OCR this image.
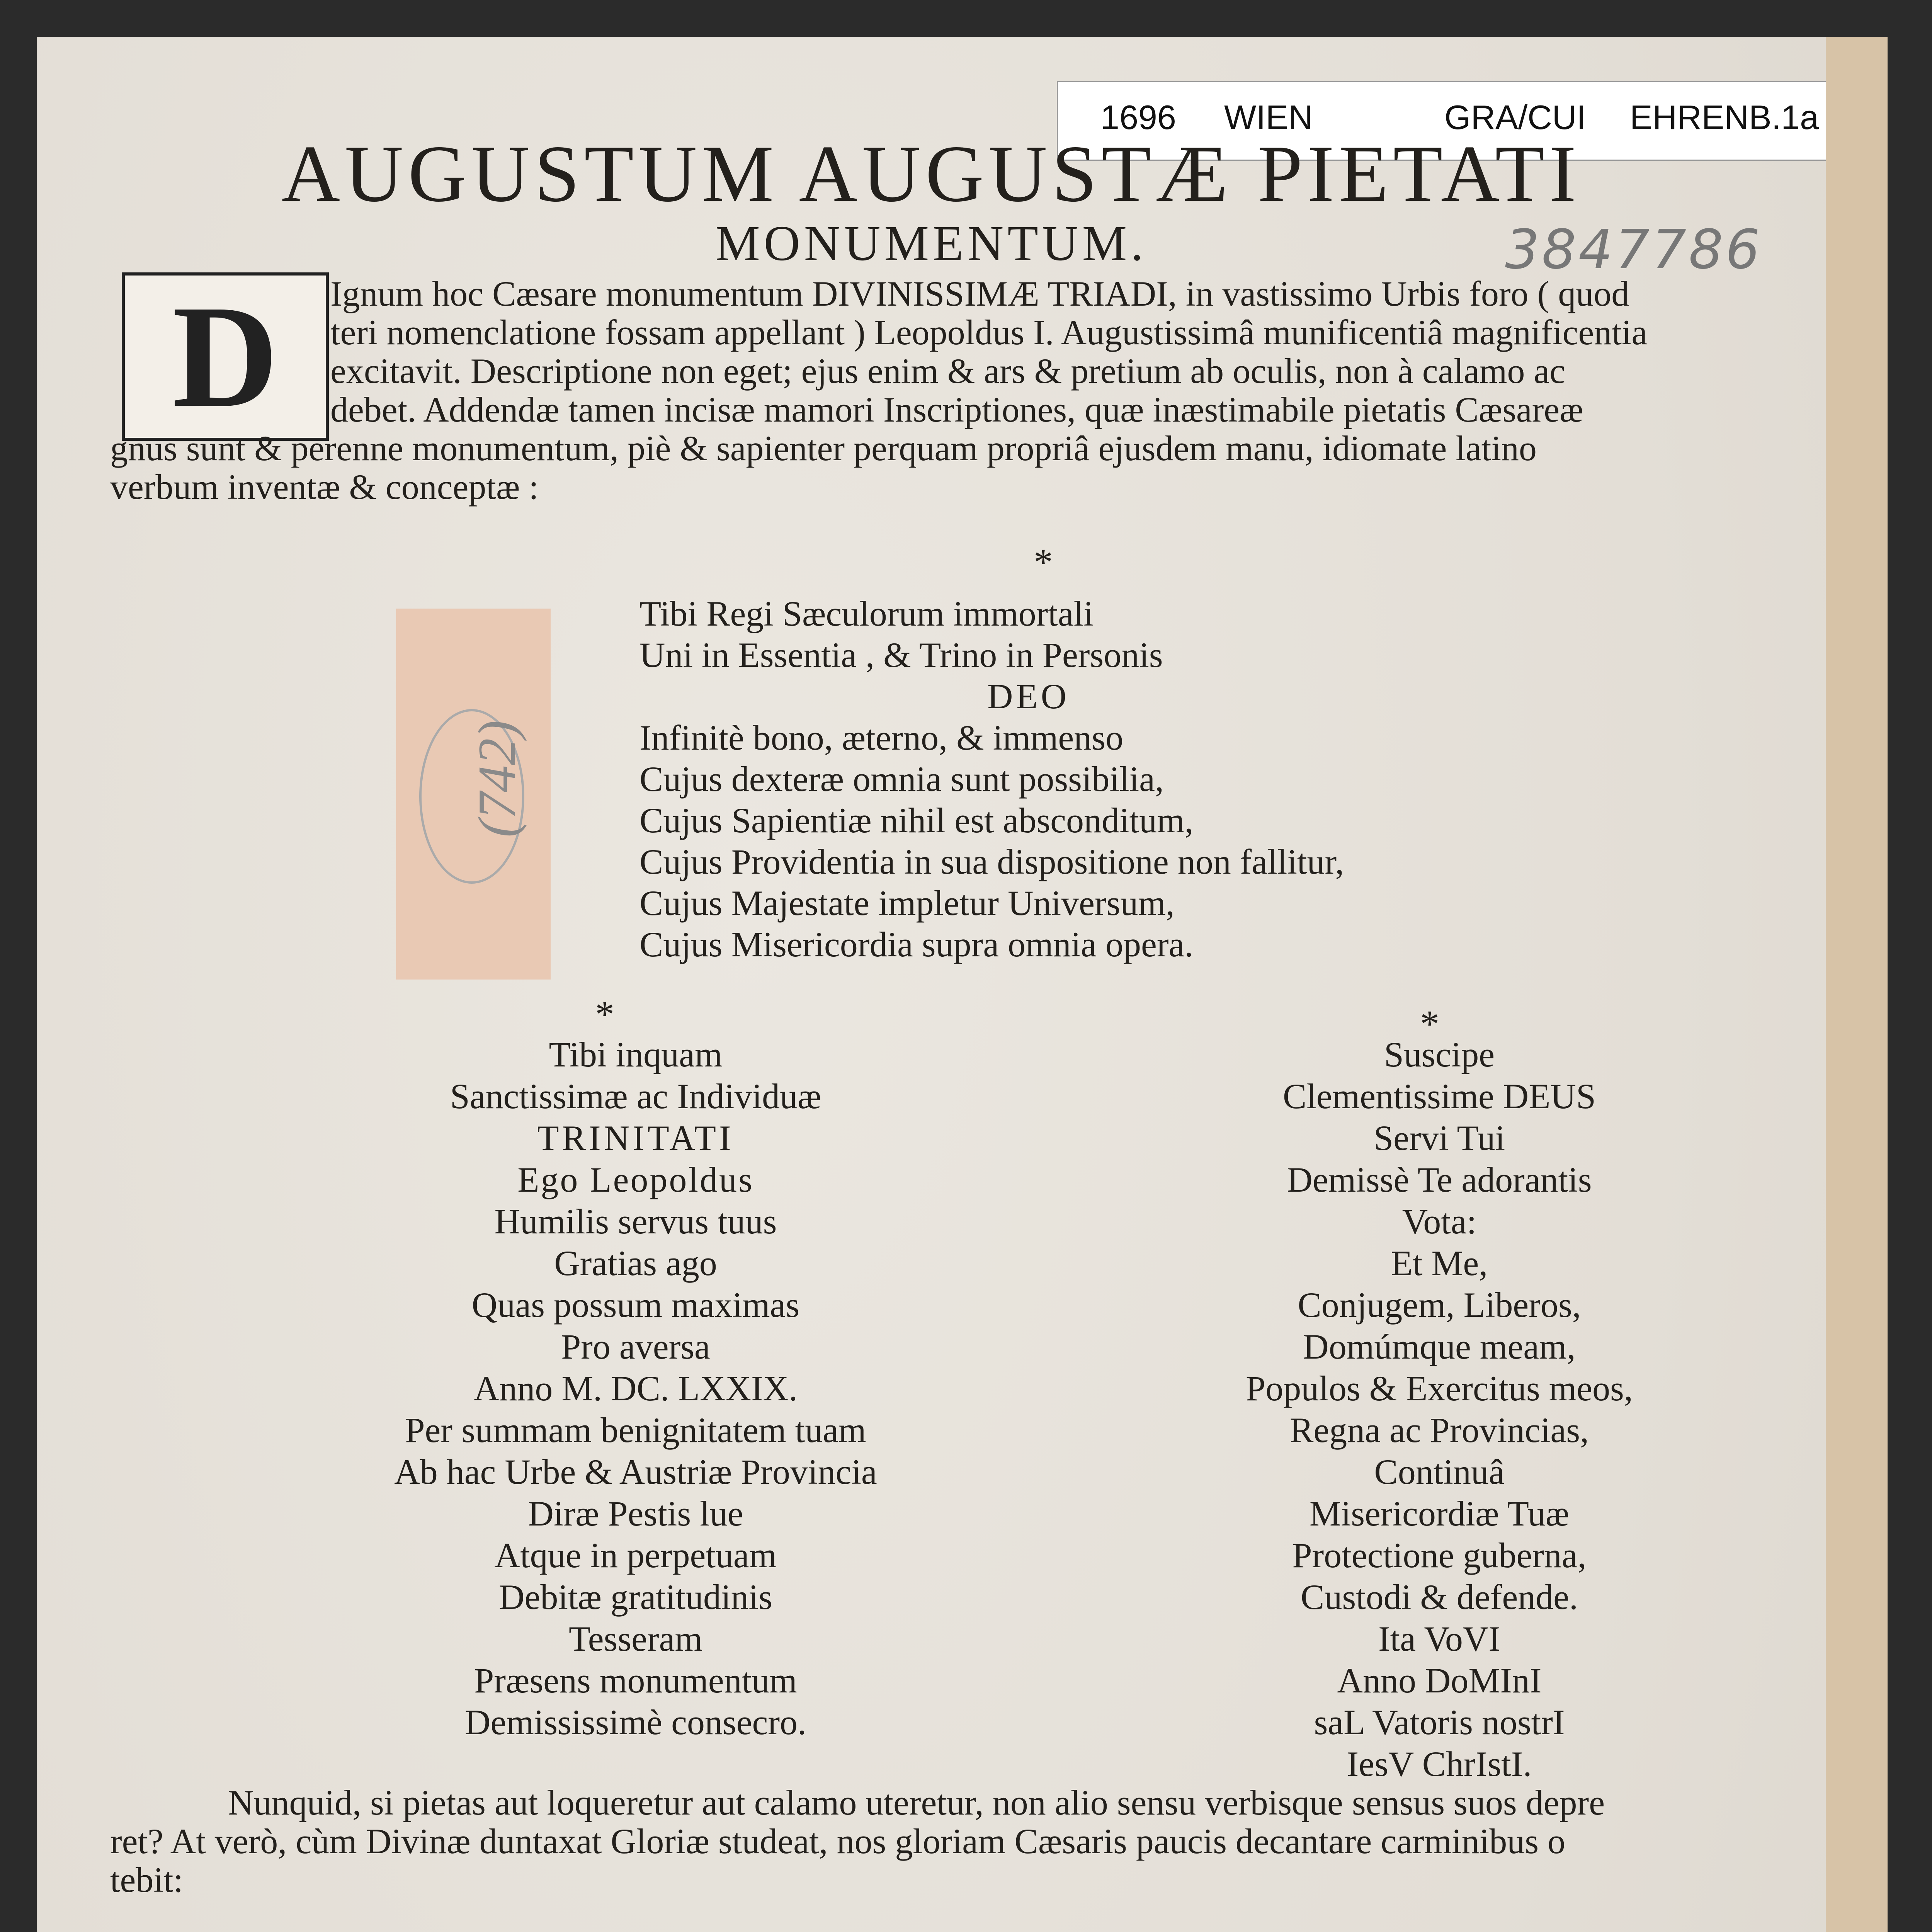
1696 WIEN	GRA/CUI EHRENB.1a
AUGUSTUM AUGUSTÆ PIETATI
MONUMENTUM.	3847786
D Ignum hoc Cæsare monumentum DIVINISSIMÆ TRIADI, in vastissimo Urbis foro ( quod
teri nomenclatione fossam appellant ) Leopoldus I. Augustissimâ munificentiâ magnificentia
excitavit. Descriptione non eget; ejus enim & ars & pretium ab oculis, non à calamo ac
debet. Addendæ tamen incisæ mamori Inscriptiones, quæ inæstimabile pietatis Cæsareæ
gnus sunt & perenne monumentum, piè & sapienter perquam propriâ ejusdem manu, idiomate latino
verbum inventæ & conceptæ :
*
Tibi Regi Sæculorum immortali
Uni in Essentia , & Trino in Personis
DEO
Infinitè bono, æterno, & immenso
Cujus dexteræ omnia sunt possibilia,
Cujus Sapientiæ nihil est absconditum,
Cujus Providentia in sua dispositione non fallitur,
Cujus Majestate impletur Universum,
Cujus Misericordia supra omnia opera.
(742)
*	*
Tibi inquam
Sanctissimæ ac Individuæ
TRINITATI
Ego Leopoldus
Humilis servus tuus
Gratias ago
Quas possum maximas
Pro aversa
Anno M. DC. LXXIX.
Per summam benignitatem tuam
Ab hac Urbe & Austriæ Provincia
Diræ Pestis lue
Atque in perpetuam
Debitæ gratitudinis
Tesseram
Præsens monumentum
Demississimè consecro.
Suscipe
Clementissime DEUS
Servi Tui
Demissè Te adorantis
Vota:
Et Me,
Conjugem, Liberos,
Domúmque meam,
Populos & Exercitus meos,
Regna ac Provincias,
Continuâ
Misericordiæ Tuæ
Protectione guberna,
Custodi & defende.
Ita VoVI
Anno DoMInI
saL Vatoris nostrI
IesV ChrIstI.
Nunquid, si pietas aut loqueretur aut calamo uteretur, non alio sensu verbisque sensus suos depre
ret? At verò, cùm Divinæ duntaxat Gloriæ studeat, nos gloriam Cæsaris paucis decantare carminibus o
tebit:
